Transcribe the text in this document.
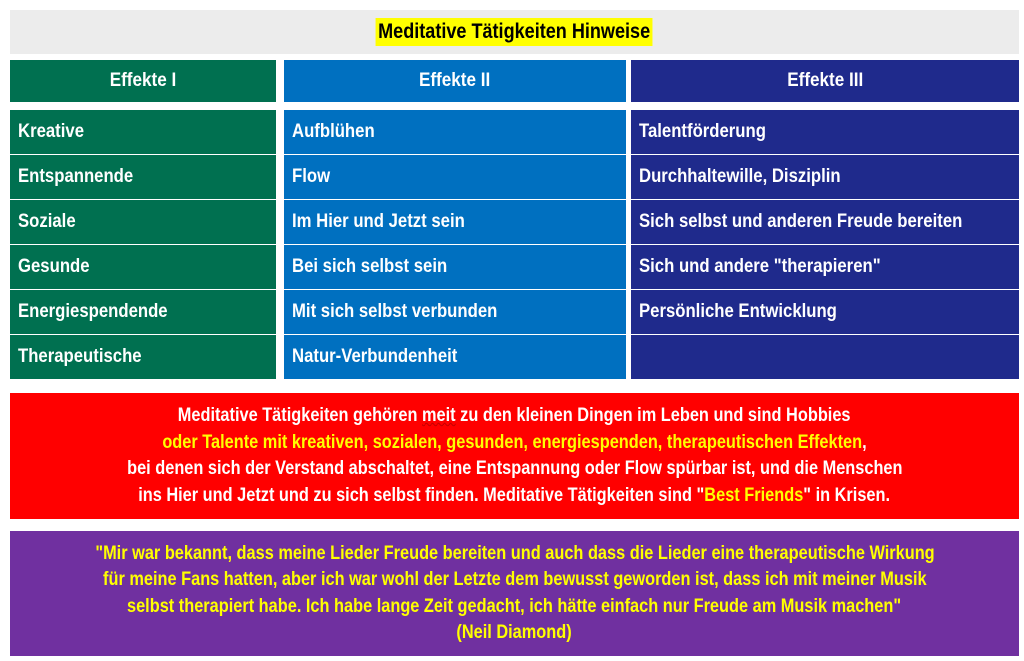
Meditative Tätigkeiten Hinweise
Effekte I	Effekte II	Effekte III
Kreative
Entspannende
Soziale
Gesunde
Energiespendende
Therapeutische
Aufblühen
Flow
Im Hier und Jetzt sein
Bei sich selbst sein
Mit sich selbst verbunden
Natur-Verbundenheit
Talentförderung
Durchhaltewille, Disziplin
Sich selbst und anderen Freude bereiten
Sich und andere "therapieren"
Persönliche Entwicklung
Meditative Tätigkeiten gehören meit zu den kleinen Dingen im Leben und sind Hobbies
oder Talente mit kreativen, sozialen, gesunden, energiespenden, therapeutischen Effekten,
bei denen sich der Verstand abschaltet, eine Entspannung oder Flow spürbar ist, und die Menschen
ins Hier und Jetzt und zu sich selbst finden. Meditative Tätigkeiten sind "Best Friends" in Krisen.
"Mir war bekannt, dass meine Lieder Freude bereiten und auch dass die Lieder eine therapeutische Wirkung
für meine Fans hatten, aber ich war wohl der Letzte dem bewusst geworden ist, dass ich mit meiner Musik
selbst therapiert habe. Ich habe lange Zeit gedacht, ich hätte einfach nur Freude am Musik machen"
(Neil Diamond)
